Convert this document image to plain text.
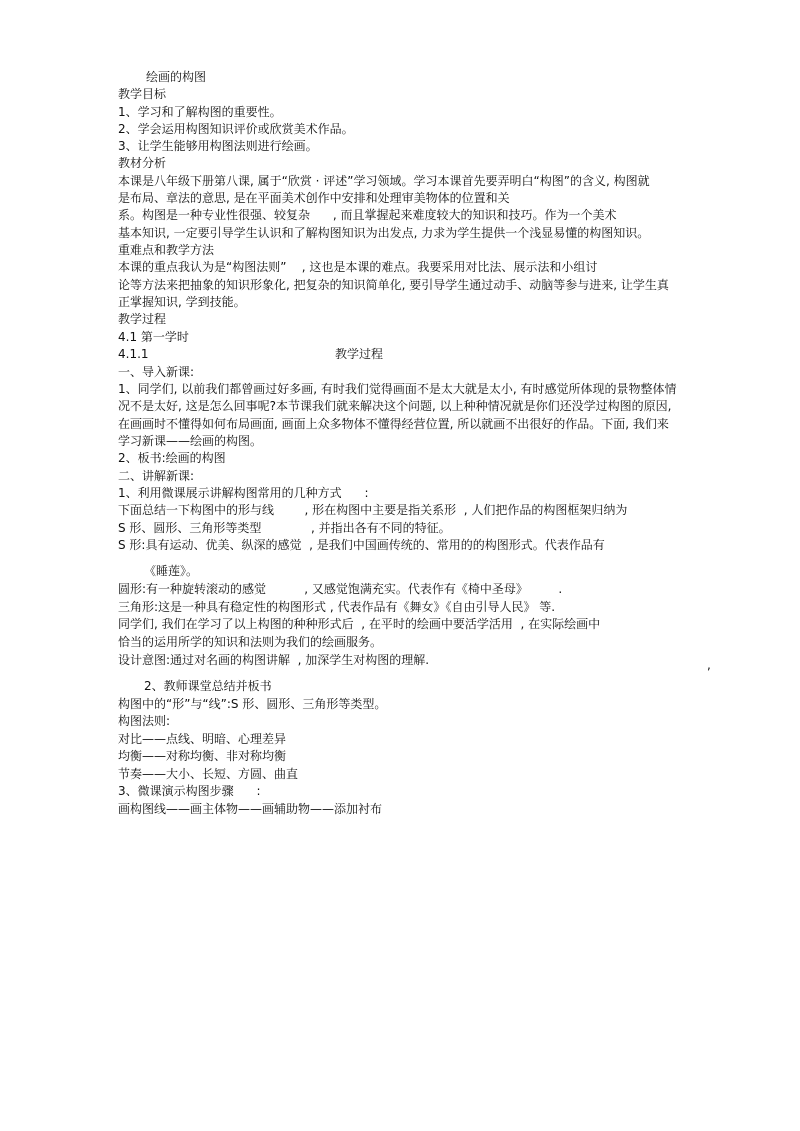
绘画的构图
教学目标
1、学习和了解构图的重要性。
2、学会运用构图知识评价或欣赏美术作品。
3、让学生能够用构图法则进行绘画。
教材分析
本课是八年级下册第八课, 属于“欣赏 · 评述”学习领域。学习本课首先要弄明白“构图”的含义, 构图就
是布局、章法的意思, 是在平面美术创作中安排和处理审美物体的位置和关
系。构图是一种专业性很强、较复杂      , 而且掌握起来难度较大的知识和技巧。作为一个美术
基本知识, 一定要引导学生认识和了解构图知识为出发点, 力求为学生提供一个浅显易懂的构图知识。
重难点和教学方法
本课的重点我认为是“构图法则”    , 这也是本课的难点。我要采用对比法、展示法和小组讨
论等方法来把抽象的知识形象化, 把复杂的知识简单化, 要引导学生通过动手、动脑等参与进来, 让学生真
正掌握知识, 学到技能。
教学过程
4.1 第一学时
4.1.1	教学过程
一、导入新课:
1、同学们, 以前我们都曾画过好多画, 有时我们觉得画面不是太大就是太小, 有时感觉所体现的景物整体情
况不是太好, 这是怎么回事呢?本节课我们就来解决这个问题, 以上种种情况就是你们还没学过构图的原因,
在画画时不懂得如何布局画面, 画面上众多物体不懂得经营位置, 所以就画不出很好的作品。下面, 我们来
学习新课——绘画的构图。
2、板书:绘画的构图
二、讲解新课:
1、利用微课展示讲解构图常用的几种方式      :
下面总结一下构图中的形与线        , 形在构图中主要是指关系形  , 人们把作品的构图框架归纳为
S 形、圆形、三角形等类型             , 并指出各有不同的特征。
S 形:具有运动、优美、纵深的感觉  , 是我们中国画传统的、常用的的构图形式。代表作品有
《睡莲》。
圆形:有一种旋转滚动的感觉          , 又感觉饱满充实。代表作有《椅中圣母》        .
三角形:这是一种具有稳定性的构图形式 , 代表作品有《舞女》《自由引导人民》 等.
同学们, 我们在学习了以上构图的种种形式后  , 在平时的绘画中要活学活用  , 在实际绘画中
恰当的运用所学的知识和法则为我们的绘画服务。
设计意图:通过对名画的构图讲解  , 加深学生对构图的理解.	,
2、教师课堂总结并板书
构图中的“形”与“线”:S 形、圆形、三角形等类型。
构图法则:
对比——点线、明暗、心理差异
均衡——对称均衡、非对称均衡
节奏——大小、长短、方圆、曲直
3、微课演示构图步骤      :
画构图线——画主体物——画辅助物——添加衬布
